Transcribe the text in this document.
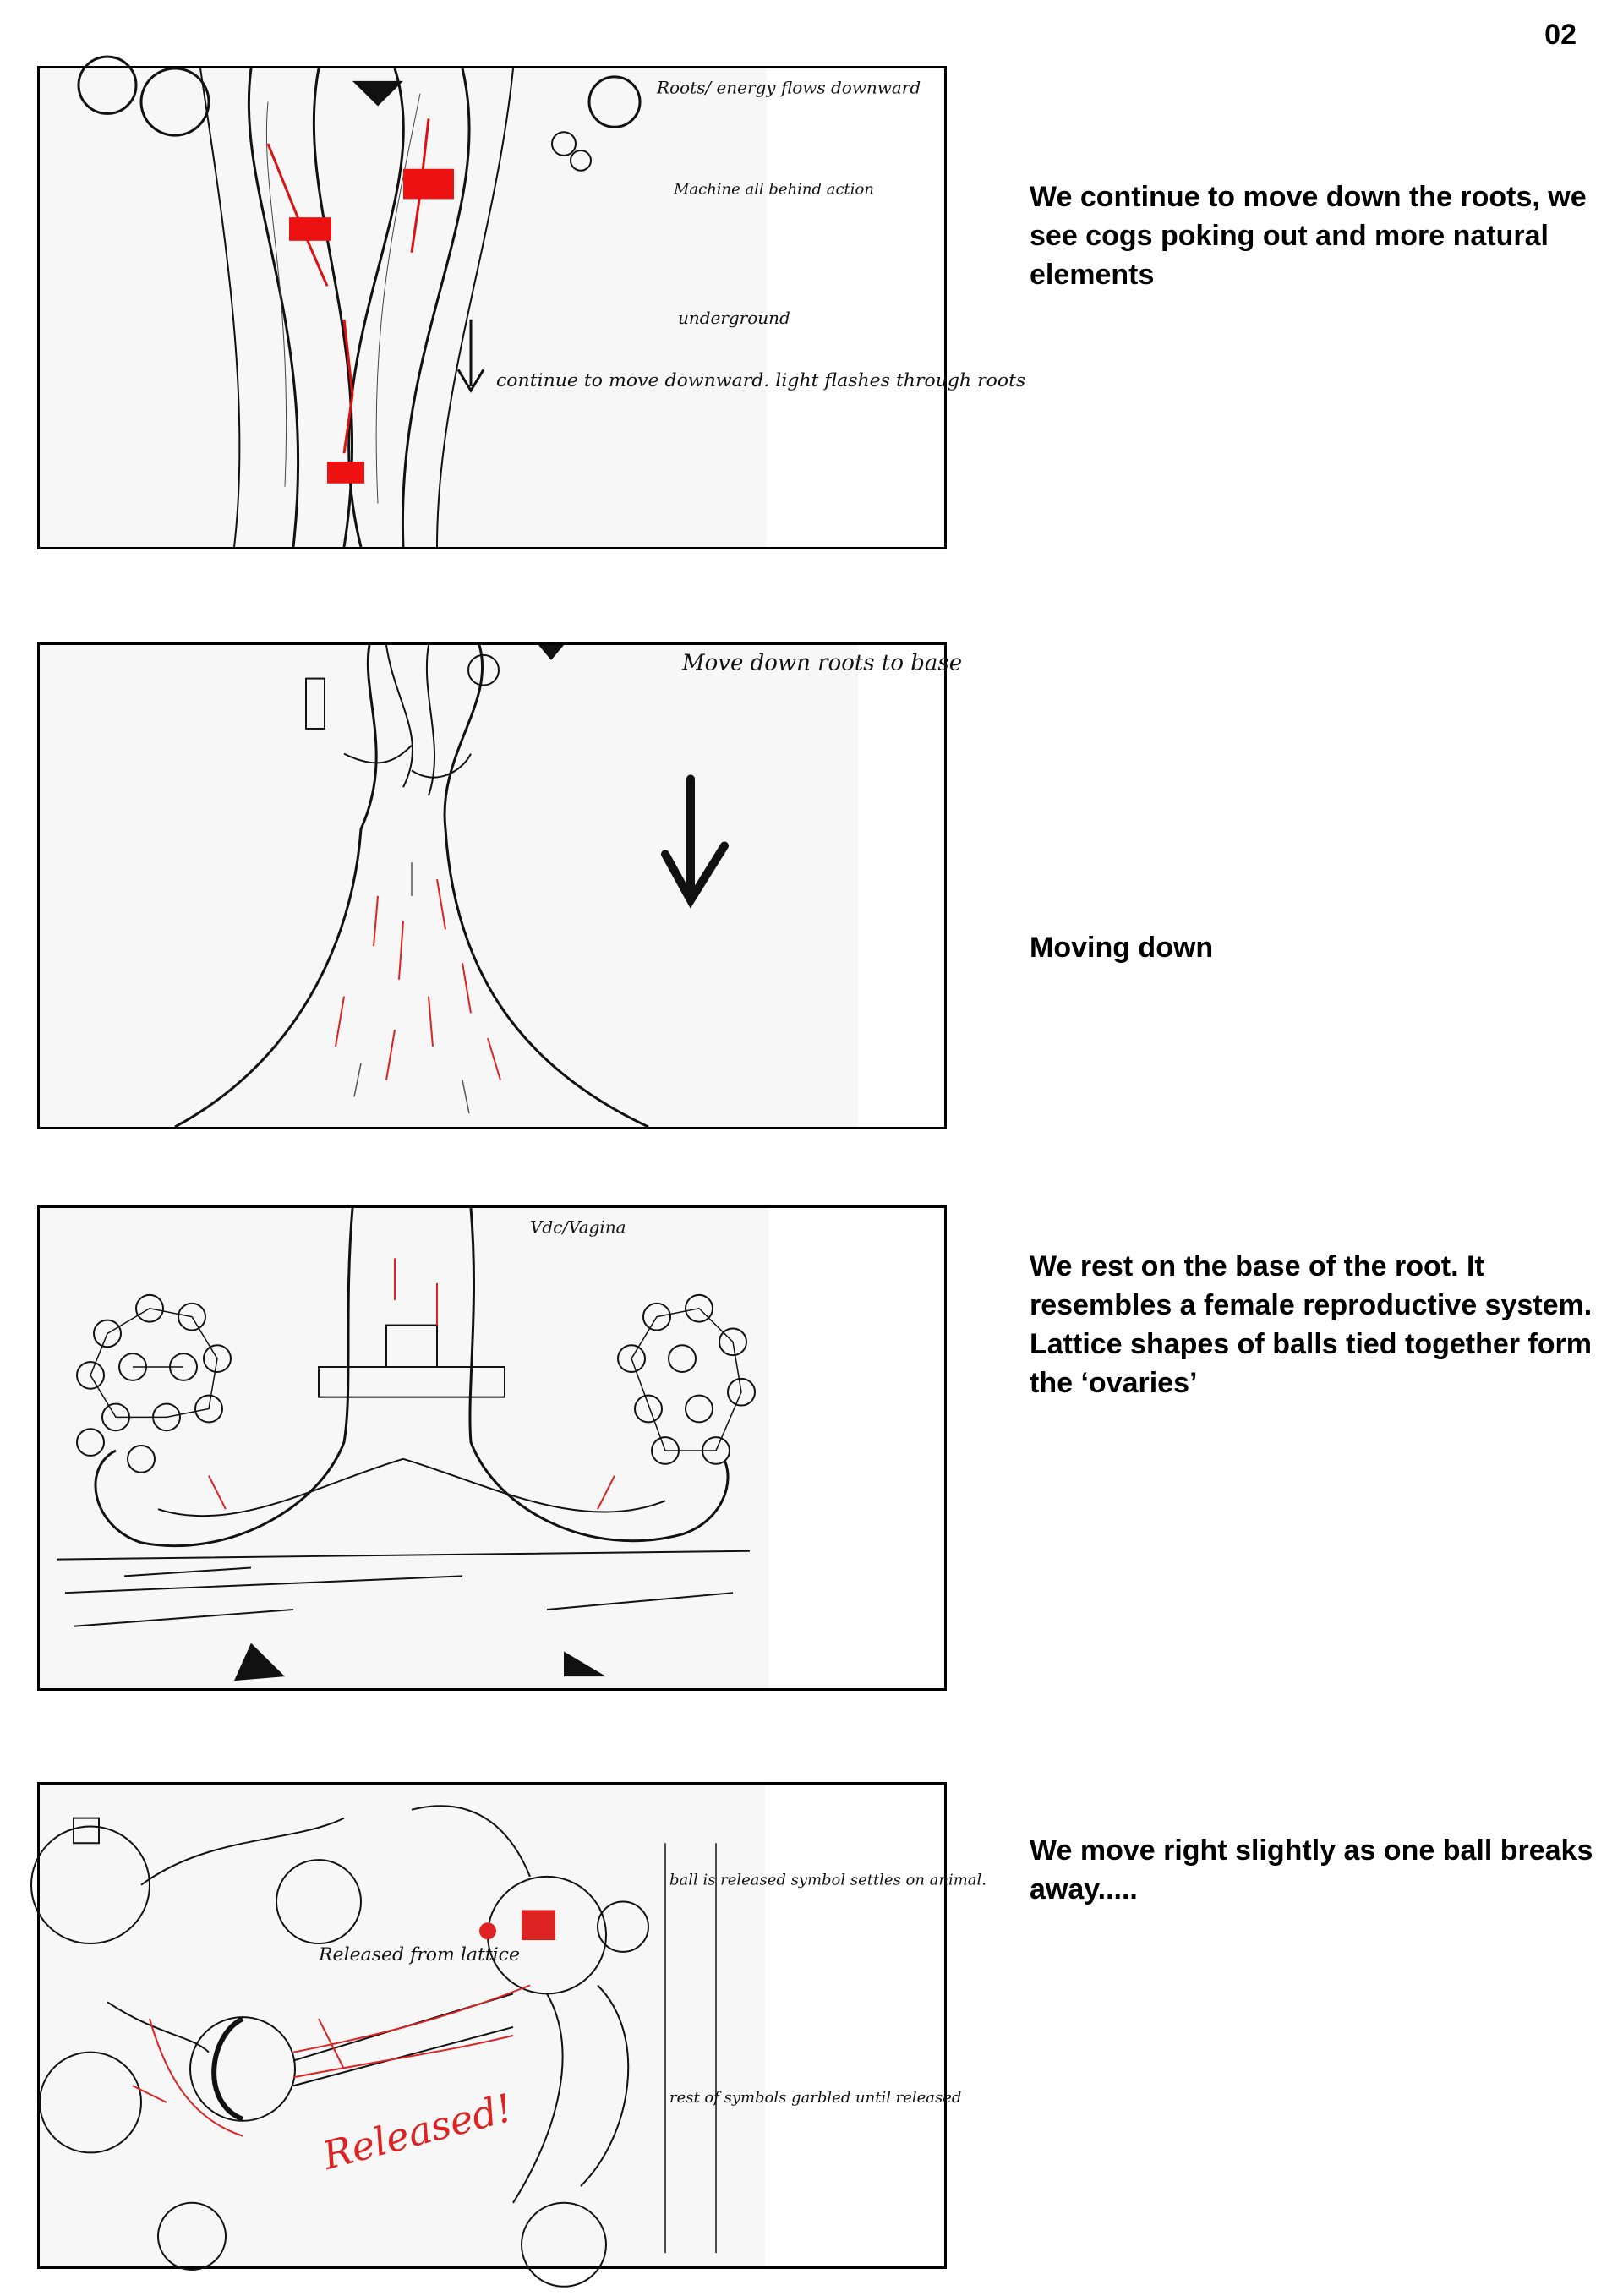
02
Roots/ energy flows downward
Machine all behind action
underground
continue to move downward. light flashes through roots
We continue to move down the roots, we see cogs poking out and more natural elements
Move down roots to base
Moving down
Vdc/Vagina
We rest on the base of the root. It resembles a female reproductive system. Lattice shapes of balls tied together form the ‘ovaries’
ball is released symbol settles on animal.
rest of symbols garbled until released
Released from lattice
Released!
We move right slightly as one ball breaks away.....
